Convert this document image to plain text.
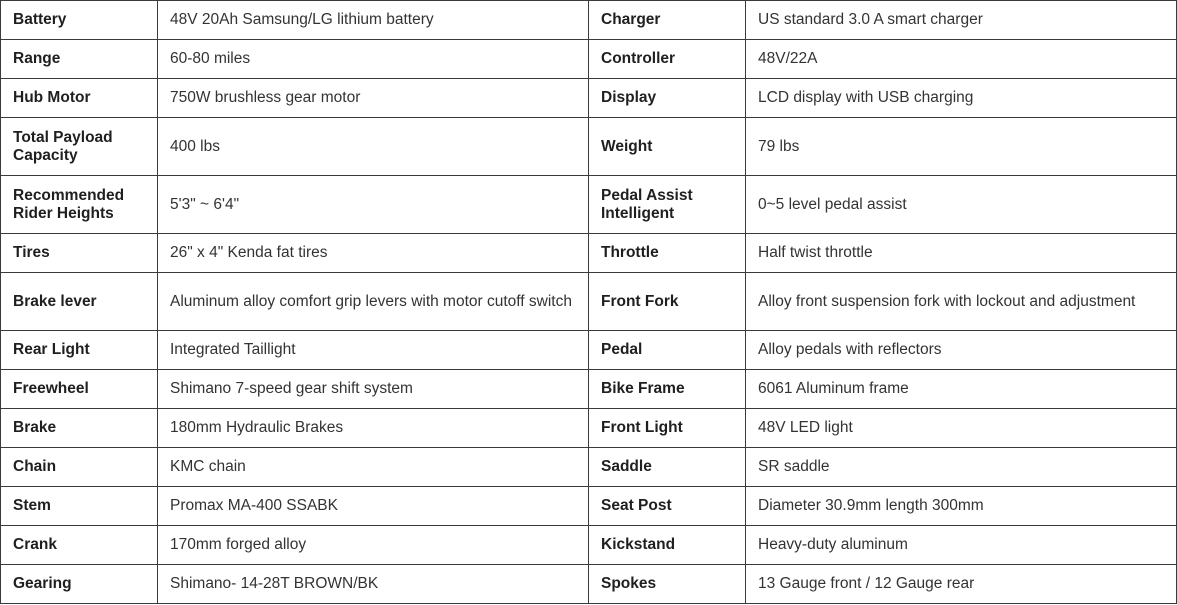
Battery	48V 20Ah Samsung/LG lithium battery	Charger	US standard 3.0 A smart charger
Range	60-80 miles	Controller	48V/22A
Hub Motor	750W brushless gear motor	Display	LCD display with USB charging
Total Payload Capacity	400 lbs	Weight	79 lbs
Recommended Rider Heights	5'3" ~ 6'4"	Pedal Assist Intelligent	0~5 level pedal assist
Tires	26" x 4" Kenda fat tires	Throttle	Half twist throttle
Brake lever	Aluminum alloy comfort grip levers with motor cutoff switch	Front Fork	Alloy front suspension fork with lockout and adjustment
Rear Light	Integrated Taillight	Pedal	Alloy pedals with reflectors
Freewheel	Shimano 7-speed gear shift system	Bike Frame	6061 Aluminum frame
Brake	180mm Hydraulic Brakes	Front Light	48V LED light
Chain	KMC chain	Saddle	SR saddle
Stem	Promax MA-400 SSABK	Seat Post	Diameter 30.9mm length 300mm
Crank	170mm forged alloy	Kickstand	Heavy-duty aluminum
Gearing	Shimano- 14-28T BROWN/BK	Spokes	13 Gauge front / 12 Gauge rear
